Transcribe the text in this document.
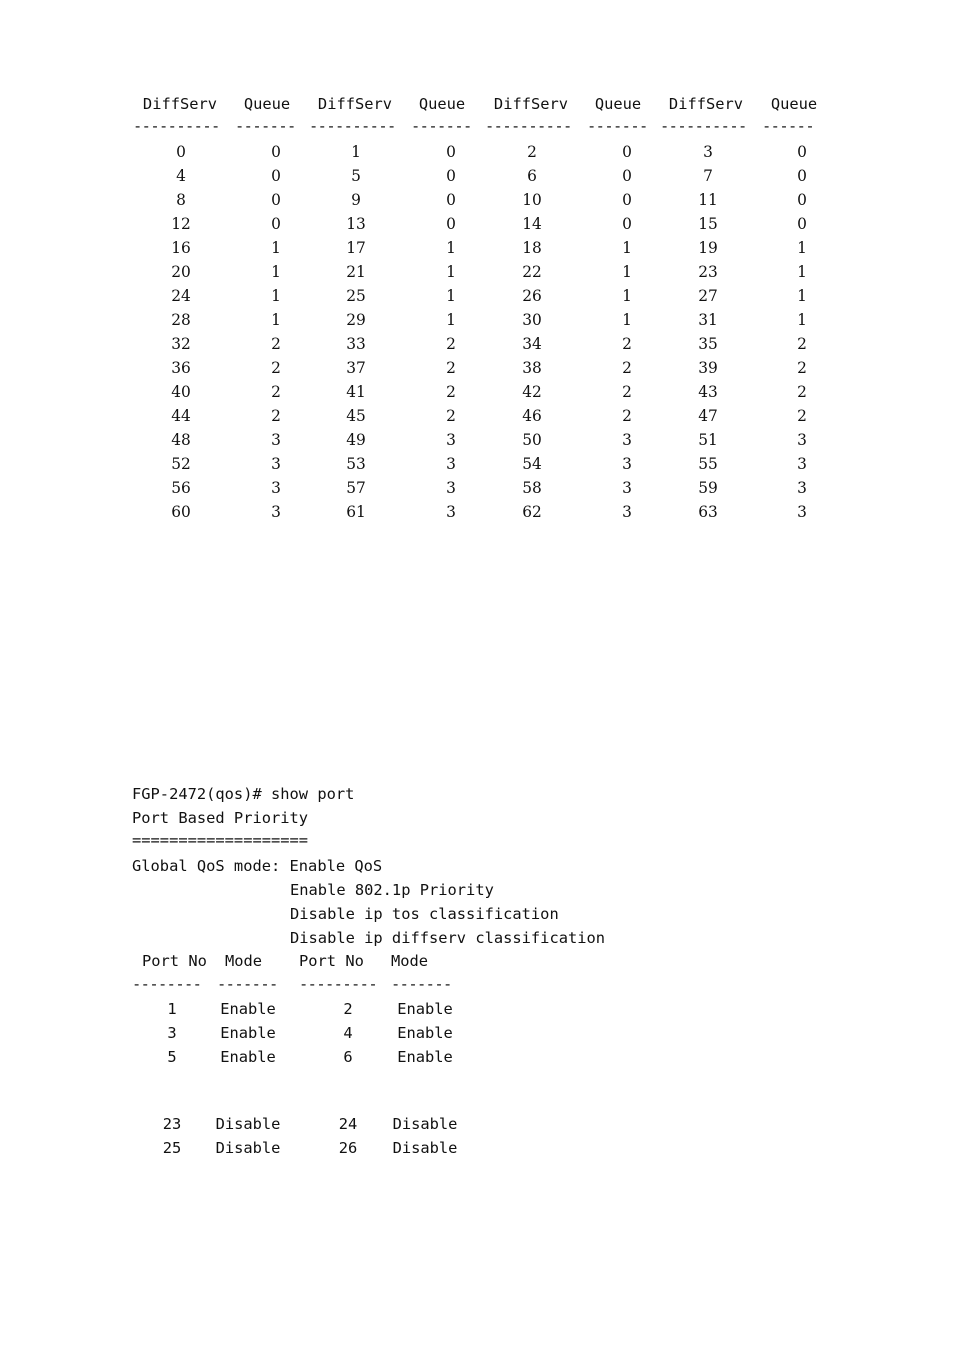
DiffServ Queue DiffServ Queue DiffServ Queue DiffServ Queue
---------- ------- ---------- ------- ---------- ------- ---------- ------
0	0	1	0	2	0	3	0
4	0	5	0	6	0	7	0
8	0	9	0	10	0	11	0
12	0	13	0	14	0	15	0
16	1	17	1	18	1	19	1
20	1	21	1	22	1	23	1
24	1	25	1	26	1	27	1
28	1	29	1	30	1	31	1
32	2	33	2	34	2	35	2
36	2	37	2	38	2	39	2
40	2	41	2	42	2	43	2
44	2	45	2	46	2	47	2
48	3	49	3	50	3	51	3
52	3	53	3	54	3	55	3
56	3	57	3	58	3	59	3
60	3	61	3	62	3	63	3
FGP-2472(qos)# show port
Port Based Priority
===================
Global QoS mode: Enable QoS
Enable 802.1p Priority
Disable ip tos classification
Disable ip diffserv classification
Port No Mode Port No Mode
-------- ------- --------- -------
1	Enable	2	Enable
3	Enable	4	Enable
5	Enable	6	Enable
23 Disable	24 Disable
25 Disable	26 Disable
